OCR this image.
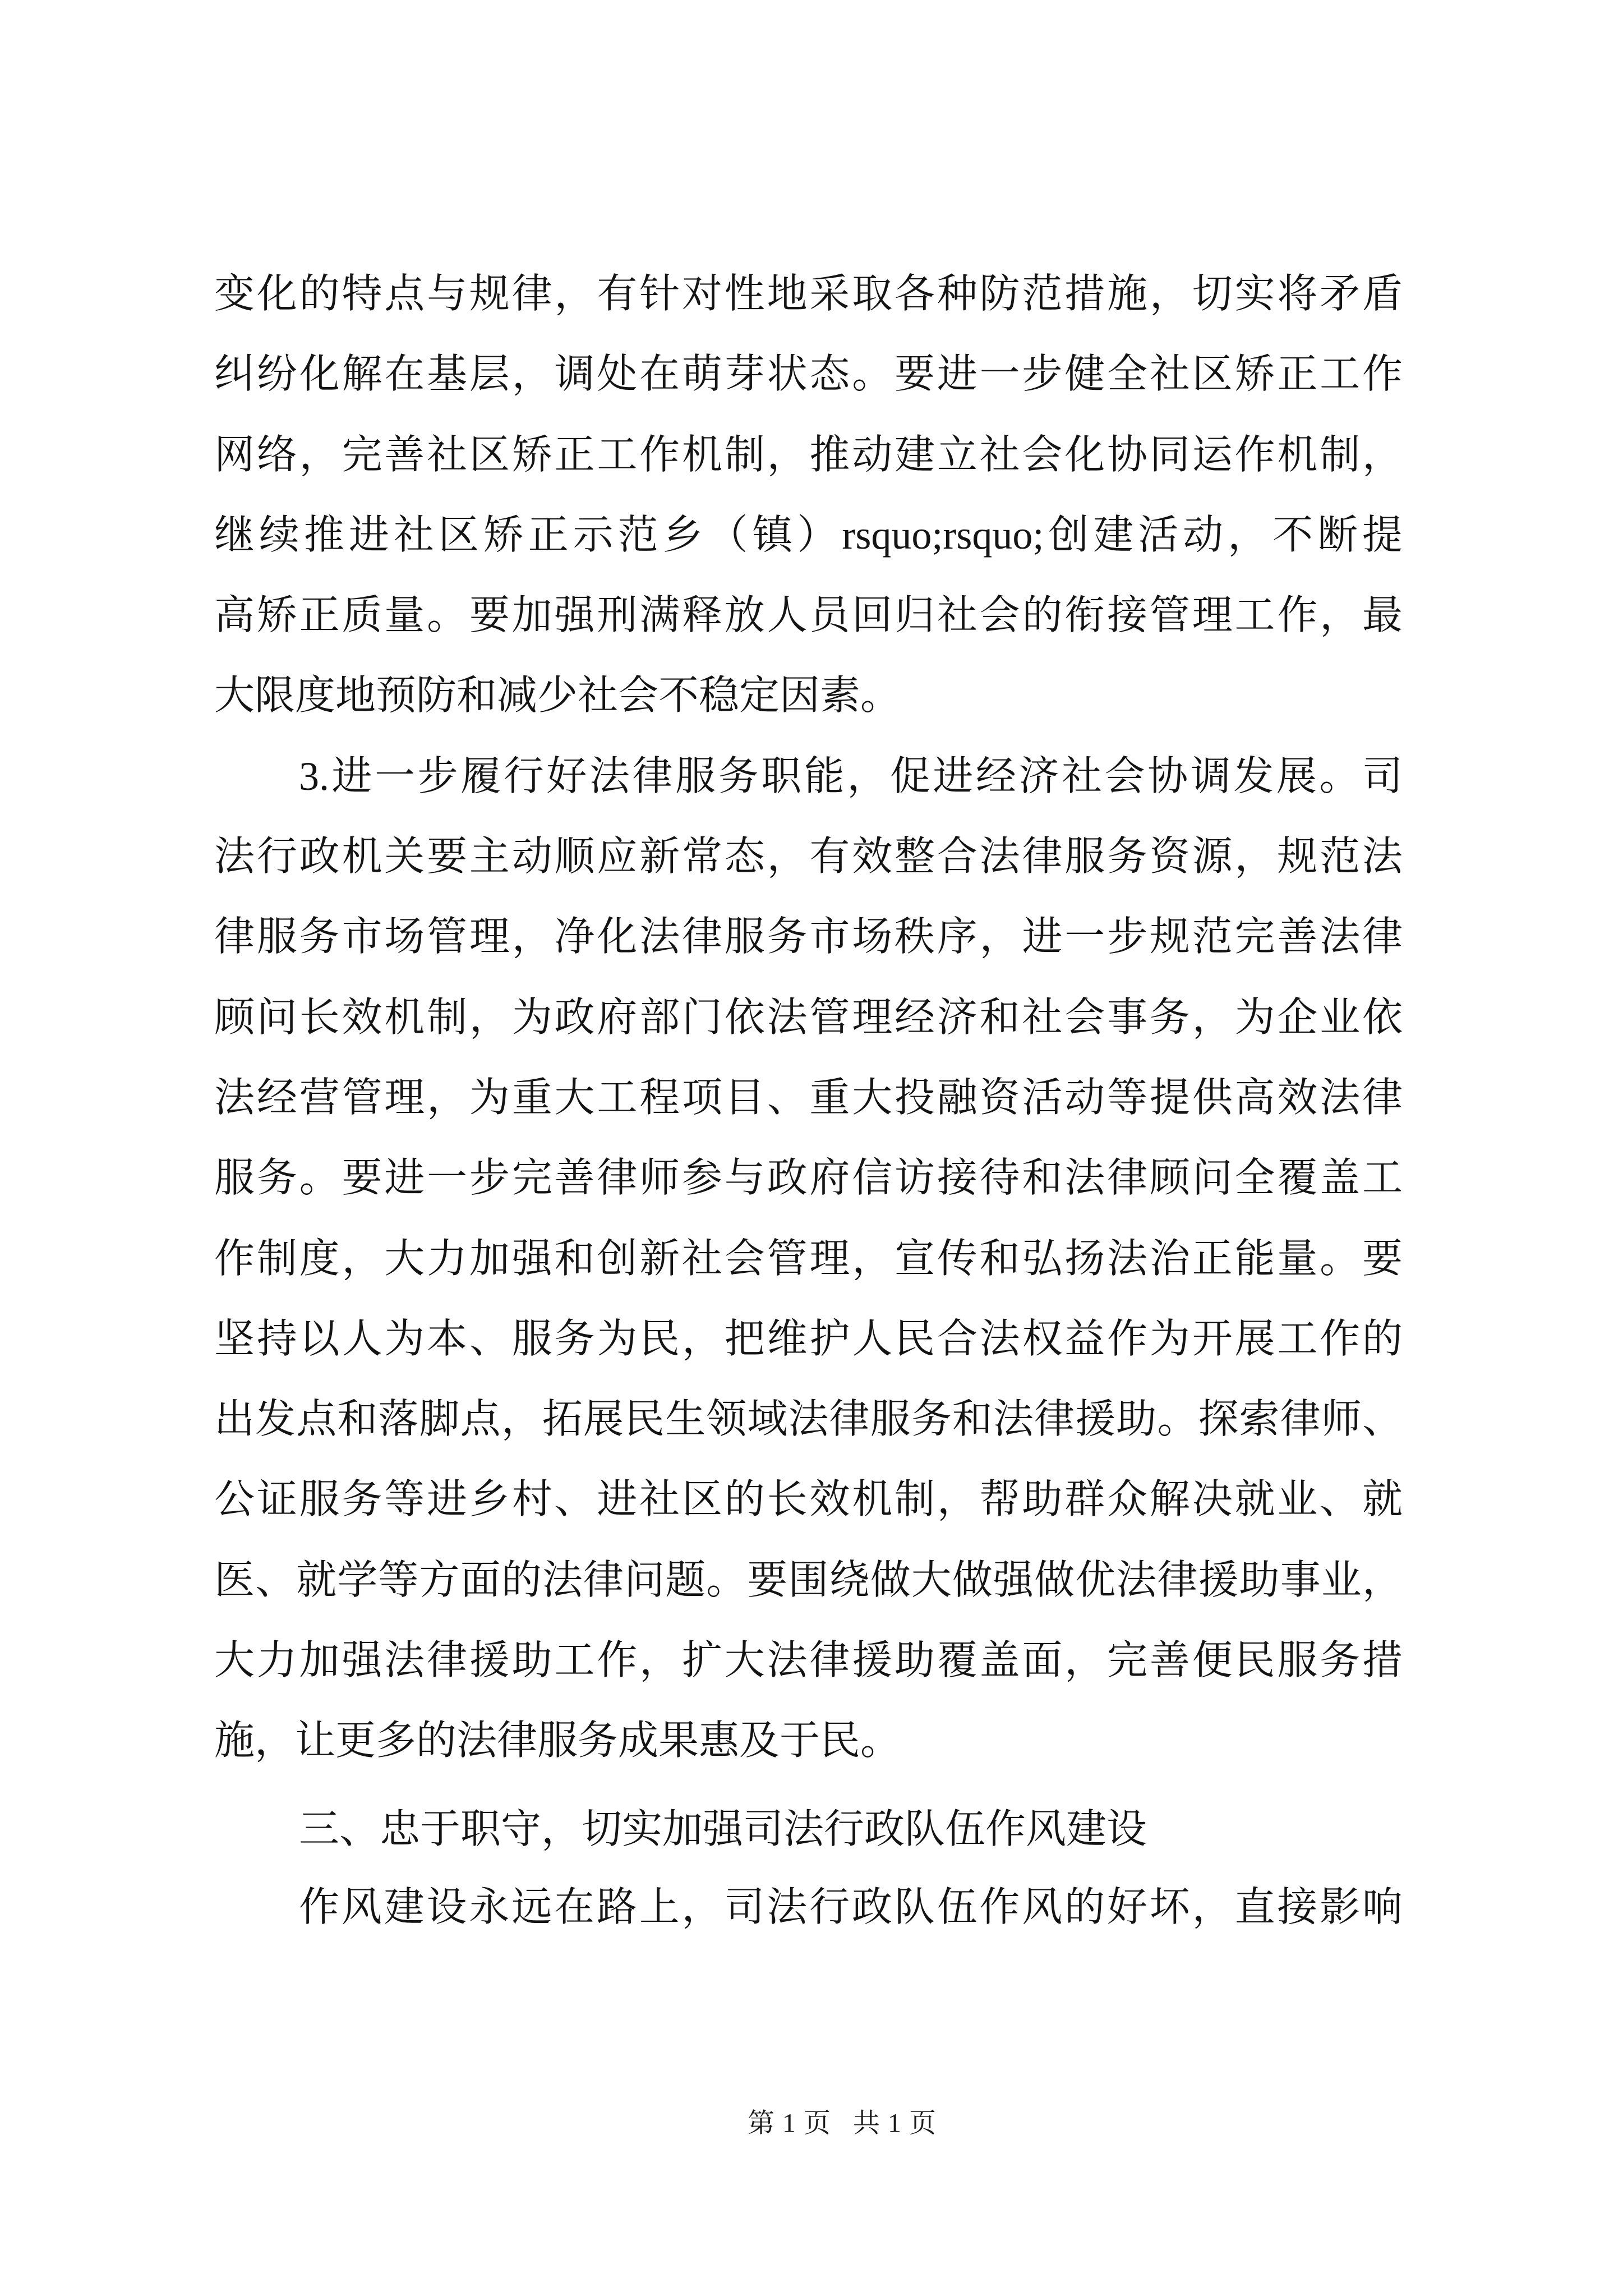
变化的特点与规律，有针对性地采取各种防范措施，切实将矛盾
纠纷化解在基层，调处在萌芽状态。要进一步健全社区矫正工作
网络，完善社区矫正工作机制，推动建立社会化协同运作机制，
继续推进社区矫正示范乡（镇）rsquo;rsquo;创建活动，不断提
高矫正质量。要加强刑满释放人员回归社会的衔接管理工作，最
大限度地预防和减少社会不稳定因素。
3.进一步履行好法律服务职能，促进经济社会协调发展。司
法行政机关要主动顺应新常态，有效整合法律服务资源，规范法
律服务市场管理，净化法律服务市场秩序，进一步规范完善法律
顾问长效机制，为政府部门依法管理经济和社会事务，为企业依
法经营管理，为重大工程项目、重大投融资活动等提供高效法律
服务。要进一步完善律师参与政府信访接待和法律顾问全覆盖工
作制度，大力加强和创新社会管理，宣传和弘扬法治正能量。要
坚持以人为本、服务为民，把维护人民合法权益作为开展工作的
出发点和落脚点，拓展民生领域法律服务和法律援助。探索律师、
公证服务等进乡村、进社区的长效机制，帮助群众解决就业、就
医、就学等方面的法律问题。要围绕做大做强做优法律援助事业，
大力加强法律援助工作，扩大法律援助覆盖面，完善便民服务措
施，让更多的法律服务成果惠及于民。
三、忠于职守，切实加强司法行政队伍作风建设
作风建设永远在路上，司法行政队伍作风的好坏，直接影响
第1页 共1页
